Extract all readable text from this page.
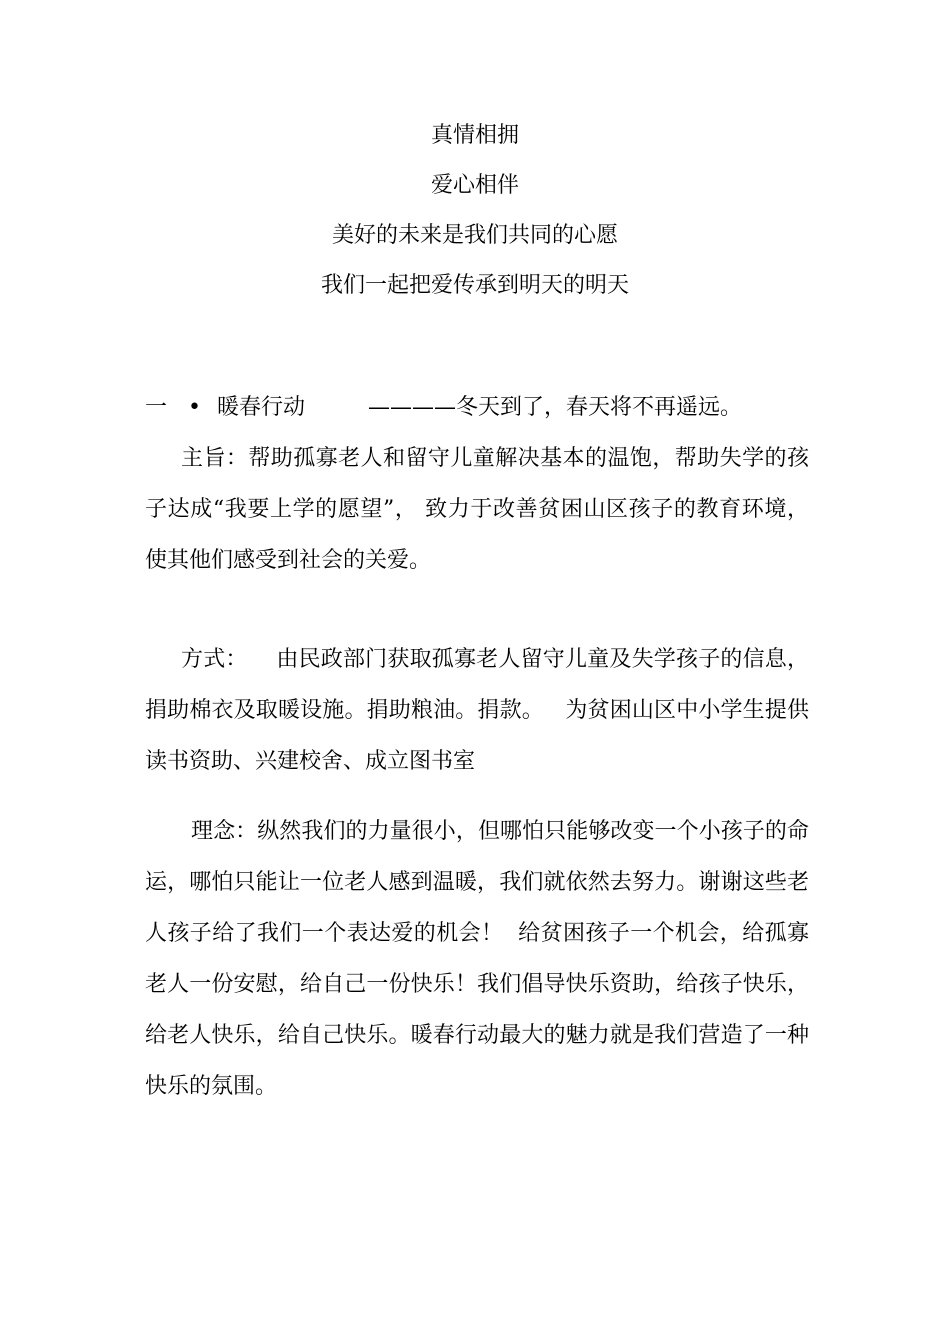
真情相拥
爱心相伴
美好的未来是我们共同的心愿
我们一起把爱传承到明天的明天
一 • 暖春行动	————冬天到了，春天将不再遥远。

主旨：帮助孤寡老人和留守儿童解决基本的温饱，帮助失学的孩子达成“我要上学的愿望”， 致力于改善贫困山区孩子的教育环境，使其他们感受到社会的关爱。

方式：    由民政部门获取孤寡老人留守儿童及失学孩子的信息，捐助棉衣及取暖设施。捐助粮油。捐款。   为贫困山区中小学生提供读书资助、兴建校舍、成立图书室

理念：纵然我们的力量很小，但哪怕只能够改变一个小孩子的命运，哪怕只能让一位老人感到温暖，我们就依然去努力。谢谢这些老人孩子给了我们一个表达爱的机会！  给贫困孩子一个机会，给孤寡老人一份安慰，给自己一份快乐！我们倡导快乐资助，给孩子快乐，给老人快乐，给自己快乐。暖春行动最大的魅力就是我们营造了一种快乐的氛围。
